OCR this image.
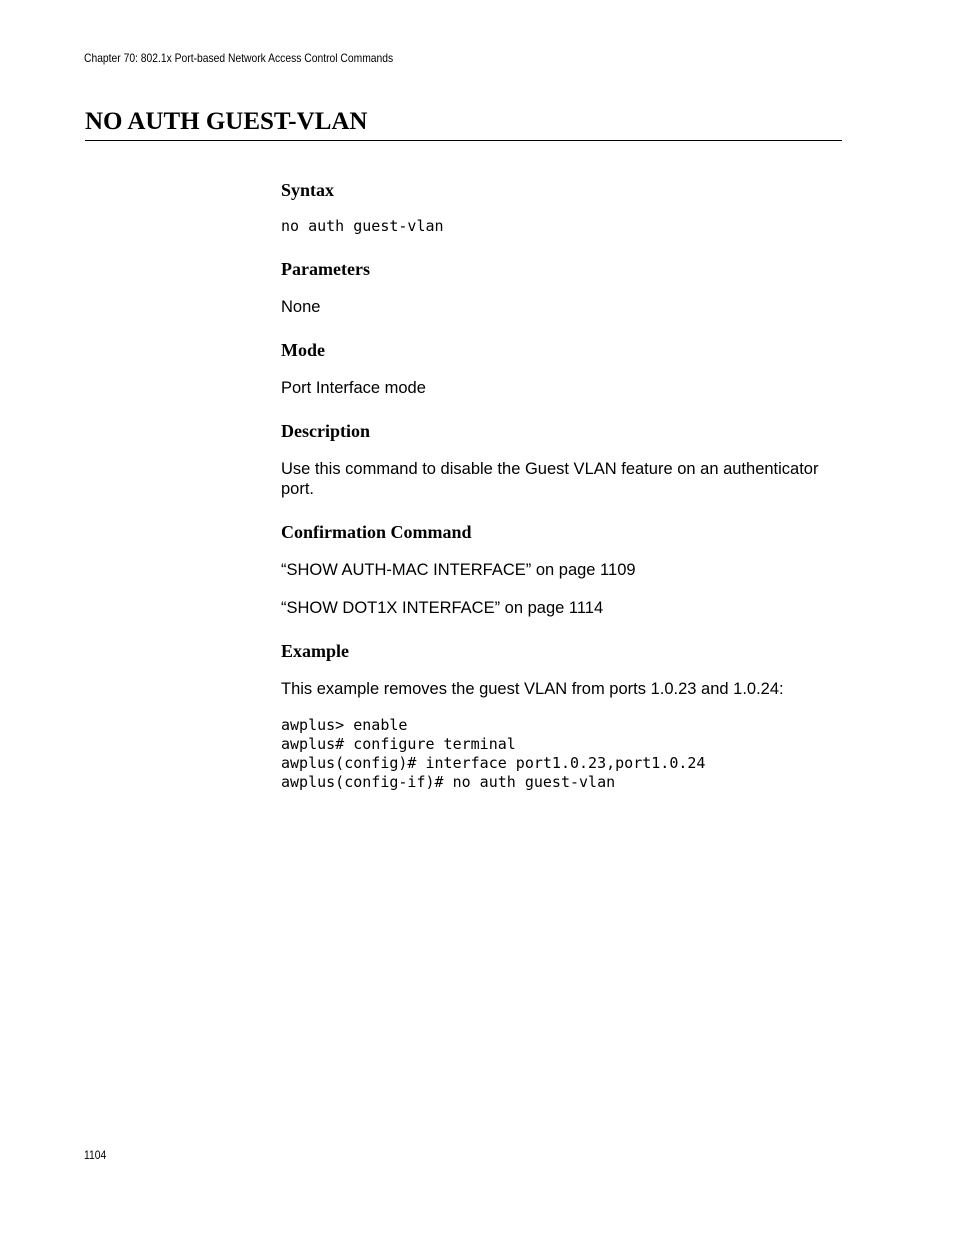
Chapter 70: 802.1x Port-based Network Access Control Commands
NO AUTH GUEST-VLAN
Syntax
no auth guest-vlan
Parameters

None

Mode

Port Interface mode

Description

Use this command to disable the Guest VLAN feature on an authenticator

port.

Confirmation Command

“SHOW AUTH-MAC INTERFACE” on page 1109

“SHOW DOT1X INTERFACE” on page 1114

Example

This example removes the guest VLAN from ports 1.0.23 and 1.0.24:

awplus> enable
awplus# configure terminal
awplus(config)# interface port1.0.23,port1.0.24
awplus(config-if)# no auth guest-vlan
1104
